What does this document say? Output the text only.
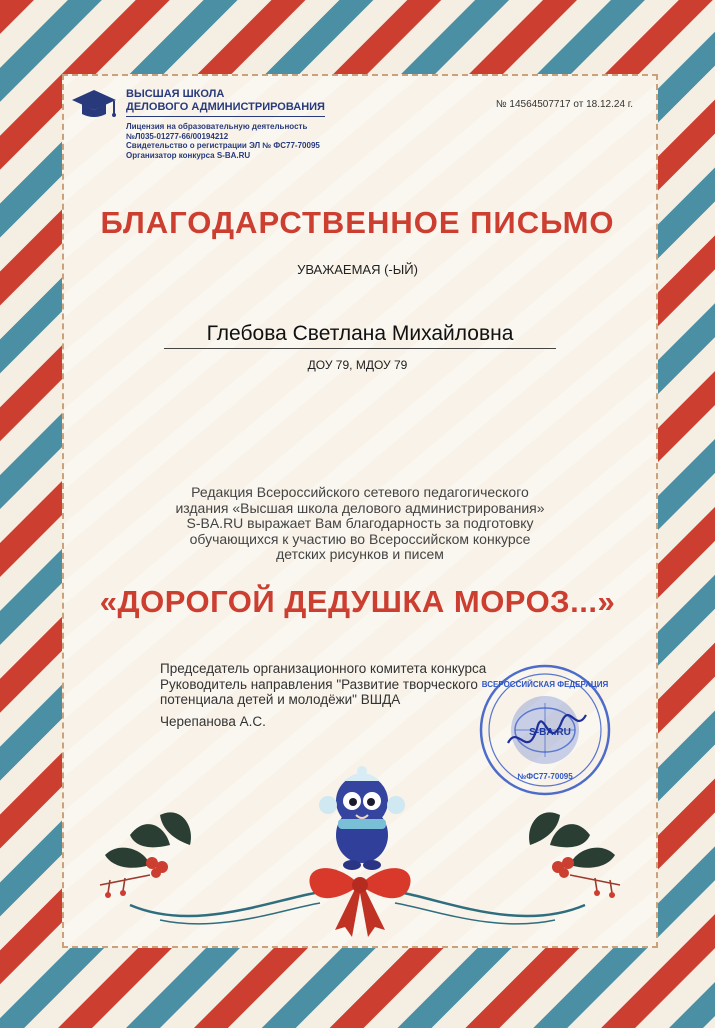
ВЫСШАЯ ШКОЛА
ДЕЛОВОГО АДМИНИСТРИРОВАНИЯ
Лицензия на образовательную деятельность
№Л035-01277-66/00194212
Свидетельство о регистрации ЭЛ № ФС77-70095
Организатор конкурса S-BA.RU
№ 14564507717 от 18.12.24 г.
БЛАГОДАРСТВЕННОЕ ПИСЬМО
УВАЖАЕМАЯ (-ЫЙ)
Глебова Светлана Михайловна
ДОУ 79, МДОУ 79
Редакция Всероссийского сетевого педагогического
издания «Высшая школа делового администрирования»
S-BA.RU выражает Вам благодарность за подготовку
обучающихся к участию во Всероссийском конкурсе
детских рисунков и писем
«ДОРОГОЙ ДЕДУШКА МОРОЗ...»
Председатель организационного комитета конкурса
Руководитель направления "Развитие творческого
потенциала детей и молодёжи" ВШДА
Черепанова А.С.
ВСЕРОССИЙСКАЯ ФЕДЕРАЦИЯ
S-BA.RU
№ФС77-70095
